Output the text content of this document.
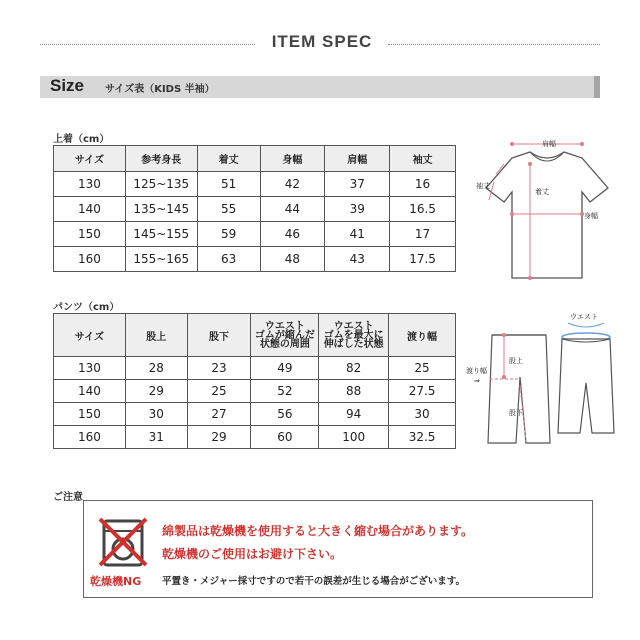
ITEM SPEC
Size サイズ表（KIDS 半袖）
上着（cm）
サイズ	参考身長	着丈	身幅	肩幅	袖丈
130	125~135	51	42	37	16
140	135~145	55	44	39	16.5
150	145~155	59	46	41	17
160	155~165	63	48	43	17.5
肩幅
袖丈
着丈
身幅
パンツ（cm）
サイズ	股上	股下	ウエスト
ゴムが縮んだ
状態の周囲	ウエスト
ゴムを最大に
伸ばした状態	渡り幅
130	28	23	49	82	25
140	29	25	52	88	27.5
150	30	27	56	94	30
160	31	29	60	100	32.5
股上
渡り幅
⇒
股下
ウエスト
ご注意
乾燥機NG
綿製品は乾燥機を使用すると大きく縮む場合があります。
乾燥機のご使用はお避け下さい。
平置き・メジャー採寸ですので若干の誤差が生じる場合がございます。
